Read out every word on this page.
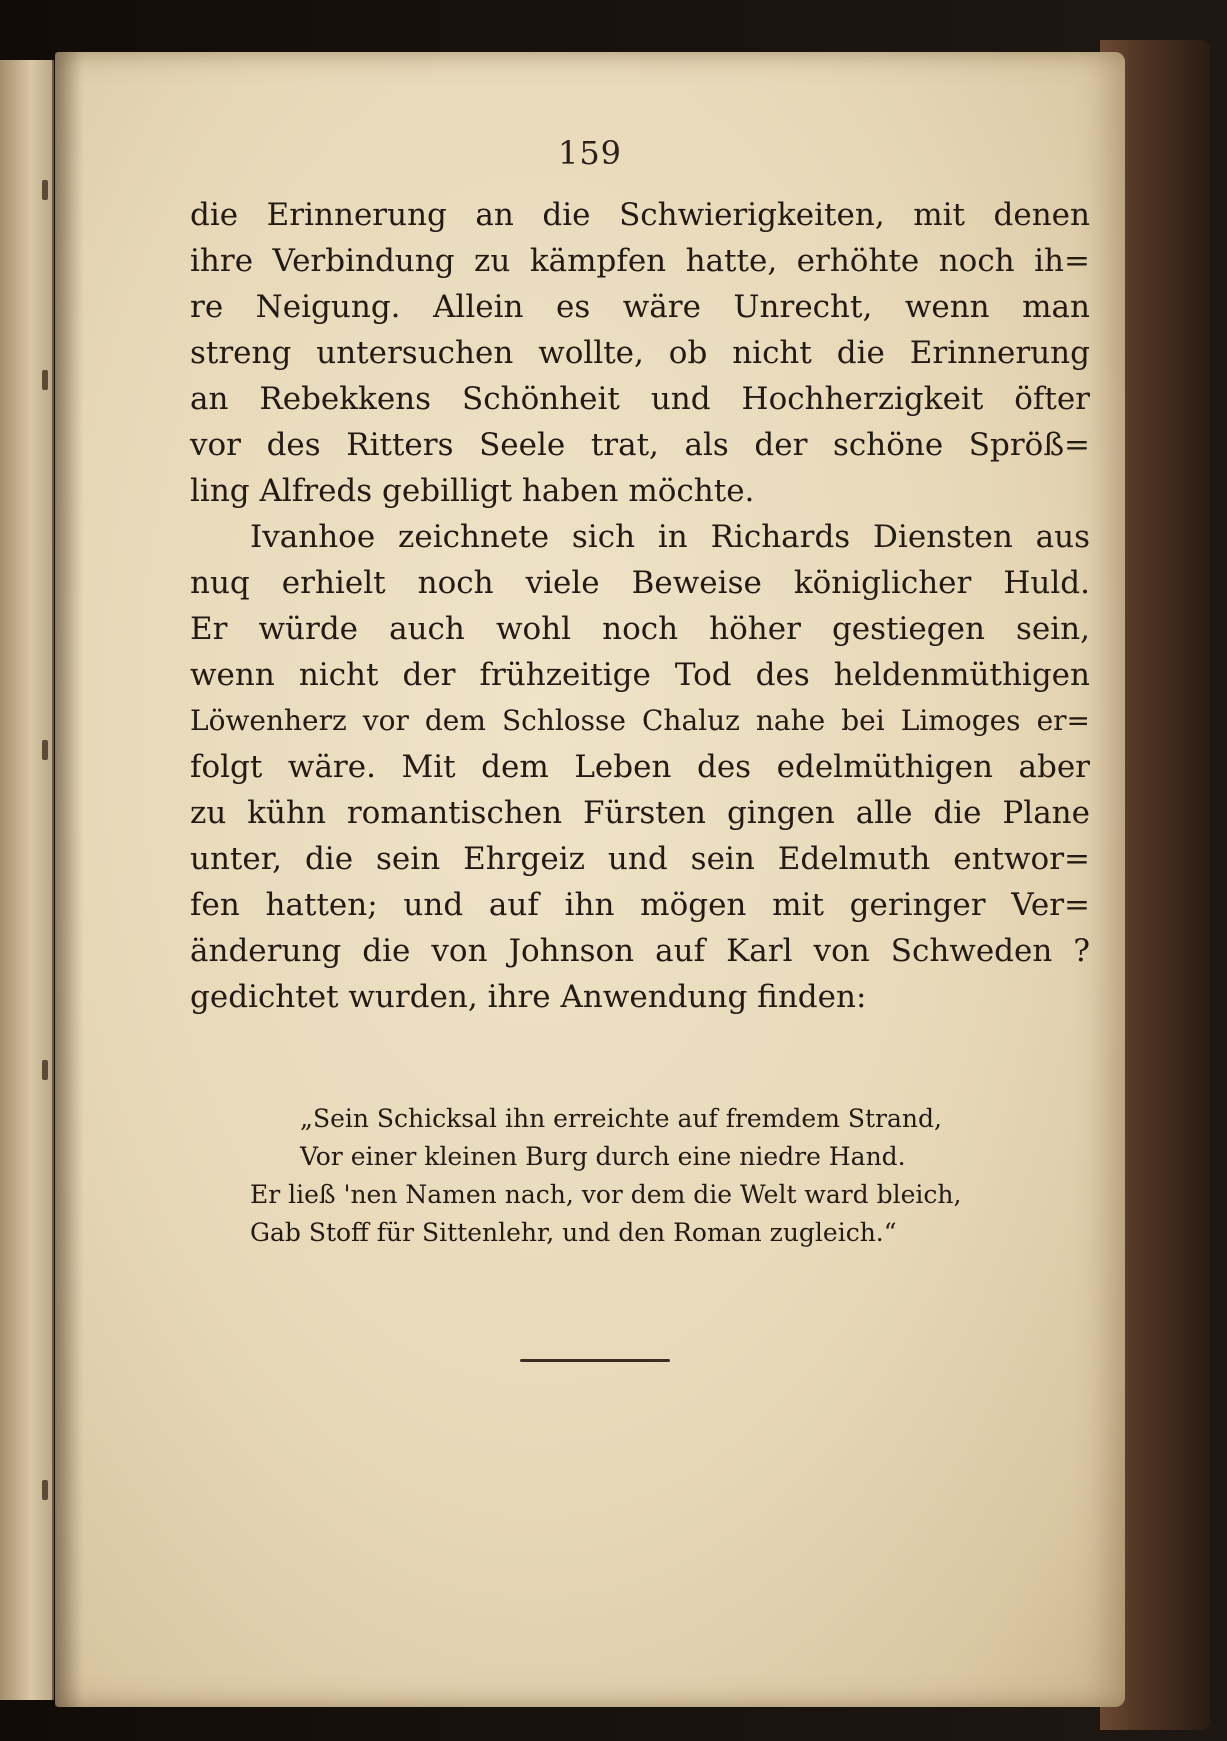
159

die Erinnerung an die Schwierigkeiten, mit denen
ihre Verbindung zu kämpfen hatte, erhöhte noch ih=
re Neigung. Allein es wäre Unrecht, wenn man
streng untersuchen wollte, ob nicht die Erinnerung
an Rebekkens Schönheit und Hochherzigkeit öfter
vor des Ritters Seele trat, als der schöne Spröß=
ling Alfreds gebilligt haben möchte.
Ivanhoe zeichnete sich in Richards Diensten aus
nuq erhielt noch viele Beweise königlicher Huld.
Er würde auch wohl noch höher gestiegen sein,
wenn nicht der frühzeitige Tod des heldenmüthigen
Löwenherz vor dem Schlosse Chaluz nahe bei Limoges er=
folgt wäre. Mit dem Leben des edelmüthigen aber
zu kühn romantischen Fürsten gingen alle die Plane
unter, die sein Ehrgeiz und sein Edelmuth entwor=
fen hatten; und auf ihn mögen mit geringer Ver=
änderung die von Johnson auf Karl von Schweden ?
gedichtet wurden, ihre Anwendung finden:

„Sein Schicksal ihn erreichte auf fremdem Strand,
Vor einer kleinen Burg durch eine niedre Hand.
Er ließ 'nen Namen nach, vor dem die Welt ward bleich,
Gab Stoff für Sittenlehr, und den Roman zugleich.“
